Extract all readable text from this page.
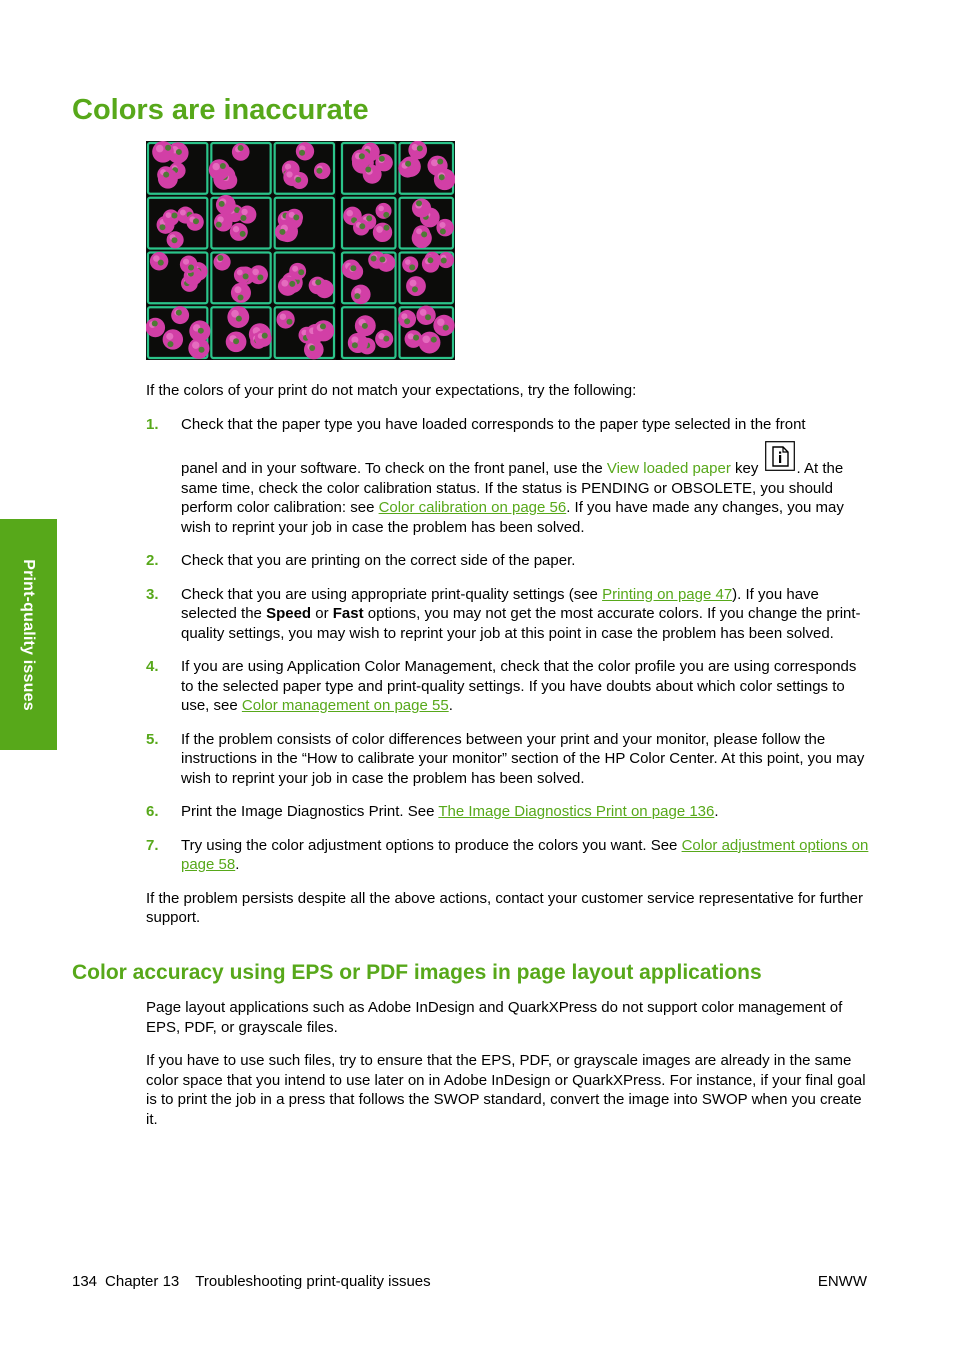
Print-quality issues
Colors are inaccurate

If the colors of your print do not match your expectations, try the following:

1. Check that the paper type you have loaded corresponds to the paper type selected in the front
panel and in your software. To check on the front panel, use the View loaded paper key . At the same time, check the color calibration status. If the status is PENDING or OBSOLETE, you should perform color calibration: see Color calibration on page 56. If you have made any changes, you may wish to reprint your job in case the problem has been solved.
2. Check that you are printing on the correct side of the paper.
3. Check that you are using appropriate print-quality settings (see Printing on page 47). If you have selected the Speed or Fast options, you may not get the most accurate colors. If you change the print-quality settings, you may wish to reprint your job at this point in case the problem has been solved.
4. If you are using Application Color Management, check that the color profile you are using corresponds to the selected paper type and print-quality settings. If you have doubts about which color settings to use, see Color management on page 55.
5. If the problem consists of color differences between your print and your monitor, please follow the instructions in the “How to calibrate your monitor” section of the HP Color Center. At this point, you may wish to reprint your job in case the problem has been solved.
6. Print the Image Diagnostics Print. See The Image Diagnostics Print on page 136.
7. Try using the color adjustment options to produce the colors you want. See Color adjustment options on page 58.

If the problem persists despite all the above actions, contact your customer service representative for further support.

Color accuracy using EPS or PDF images in page layout applications

Page layout applications such as Adobe InDesign and QuarkXPress do not support color management of EPS, PDF, or grayscale files.

If you have to use such files, try to ensure that the EPS, PDF, or grayscale images are already in the same color space that you intend to use later on in Adobe InDesign or QuarkXPress. For instance, if your final goal is to print the job in a press that follows the SWOP standard, convert the image into SWOP when you create it.

134 Chapter 13 Troubleshooting print-quality issues	ENWW
